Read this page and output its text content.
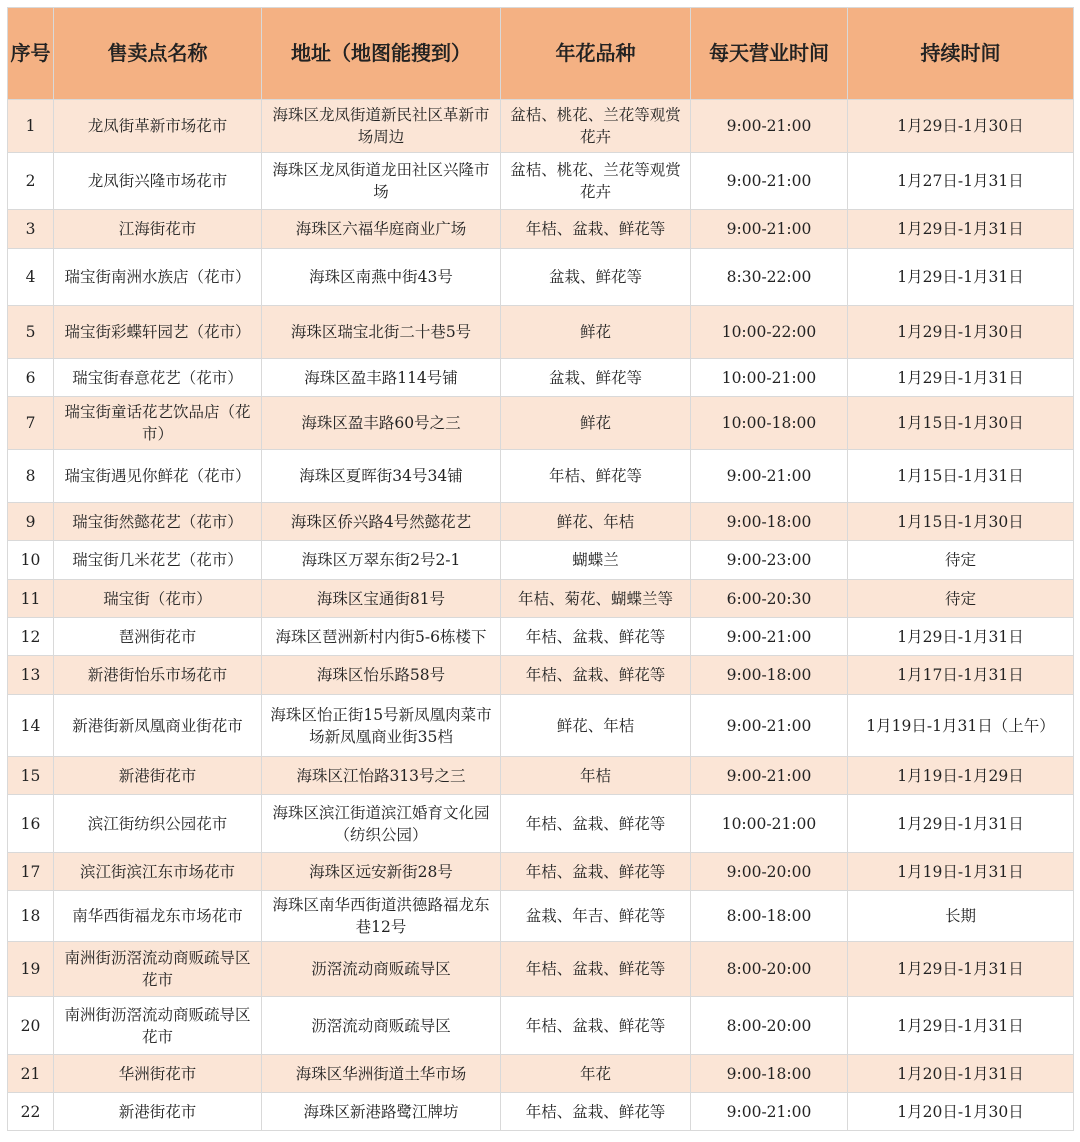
序号	售卖点名称	地址（地图能搜到）	年花品种	每天营业时间	持续时间
1	龙凤街革新市场花市	海珠区龙凤街道新民社区革新市场周边	盆桔、桃花、兰花等观赏花卉	9:00-21:00	1月29日-1月30日
2	龙凤街兴隆市场花市	海珠区龙凤街道龙田社区兴隆市场	盆桔、桃花、兰花等观赏花卉	9:00-21:00	1月27日-1月31日
3	江海街花市	海珠区六福华庭商业广场	年桔、盆栽、鲜花等	9:00-21:00	1月29日-1月31日
4	瑞宝街南洲水族店（花市）	海珠区南燕中街43号	盆栽、鲜花等	8:30-22:00	1月29日-1月31日
5	瑞宝街彩蝶轩园艺（花市）	海珠区瑞宝北街二十巷5号	鲜花	10:00-22:00	1月29日-1月30日
6	瑞宝街春意花艺（花市）	海珠区盈丰路114号铺	盆栽、鲜花等	10:00-21:00	1月29日-1月31日
7	瑞宝街童话花艺饮品店（花市）	海珠区盈丰路60号之三	鲜花	10:00-18:00	1月15日-1月30日
8	瑞宝街遇见你鲜花（花市）	海珠区夏晖街34号34铺	年桔、鲜花等	9:00-21:00	1月15日-1月31日
9	瑞宝街然懿花艺（花市）	海珠区侨兴路4号然懿花艺	鲜花、年桔	9:00-18:00	1月15日-1月30日
10	瑞宝街几米花艺（花市）	海珠区万翠东街2号2-1	蝴蝶兰	9:00-23:00	待定
11	瑞宝街（花市）	海珠区宝通街81号	年桔、菊花、蝴蝶兰等	6:00-20:30	待定
12	琶洲街花市	海珠区琶洲新村内街5-6栋楼下	年桔、盆栽、鲜花等	9:00-21:00	1月29日-1月31日
13	新港街怡乐市场花市	海珠区怡乐路58号	年桔、盆栽、鲜花等	9:00-18:00	1月17日-1月31日
14	新港街新凤凰商业街花市	海珠区怡正街15号新凤凰肉菜市场新凤凰商业街35档	鲜花、年桔	9:00-21:00	1月19日-1月31日（上午）
15	新港街花市	海珠区江怡路313号之三	年桔	9:00-21:00	1月19日-1月29日
16	滨江街纺织公园花市	海珠区滨江街道滨江婚育文化园（纺织公园）	年桔、盆栽、鲜花等	10:00-21:00	1月29日-1月31日
17	滨江街滨江东市场花市	海珠区远安新街28号	年桔、盆栽、鲜花等	9:00-20:00	1月19日-1月31日
18	南华西街福龙东市场花市	海珠区南华西街道洪德路福龙东巷12号	盆栽、年吉、鲜花等	8:00-18:00	长期
19	南洲街沥滘流动商贩疏导区花市	沥滘流动商贩疏导区	年桔、盆栽、鲜花等	8:00-20:00	1月29日-1月31日
20	南洲街沥滘流动商贩疏导区花市	沥滘流动商贩疏导区	年桔、盆栽、鲜花等	8:00-20:00	1月29日-1月31日
21	华洲街花市	海珠区华洲街道土华市场	年花	9:00-18:00	1月20日-1月31日
22	新港街花市	海珠区新港路鹭江牌坊	年桔、盆栽、鲜花等	9:00-21:00	1月20日-1月30日
